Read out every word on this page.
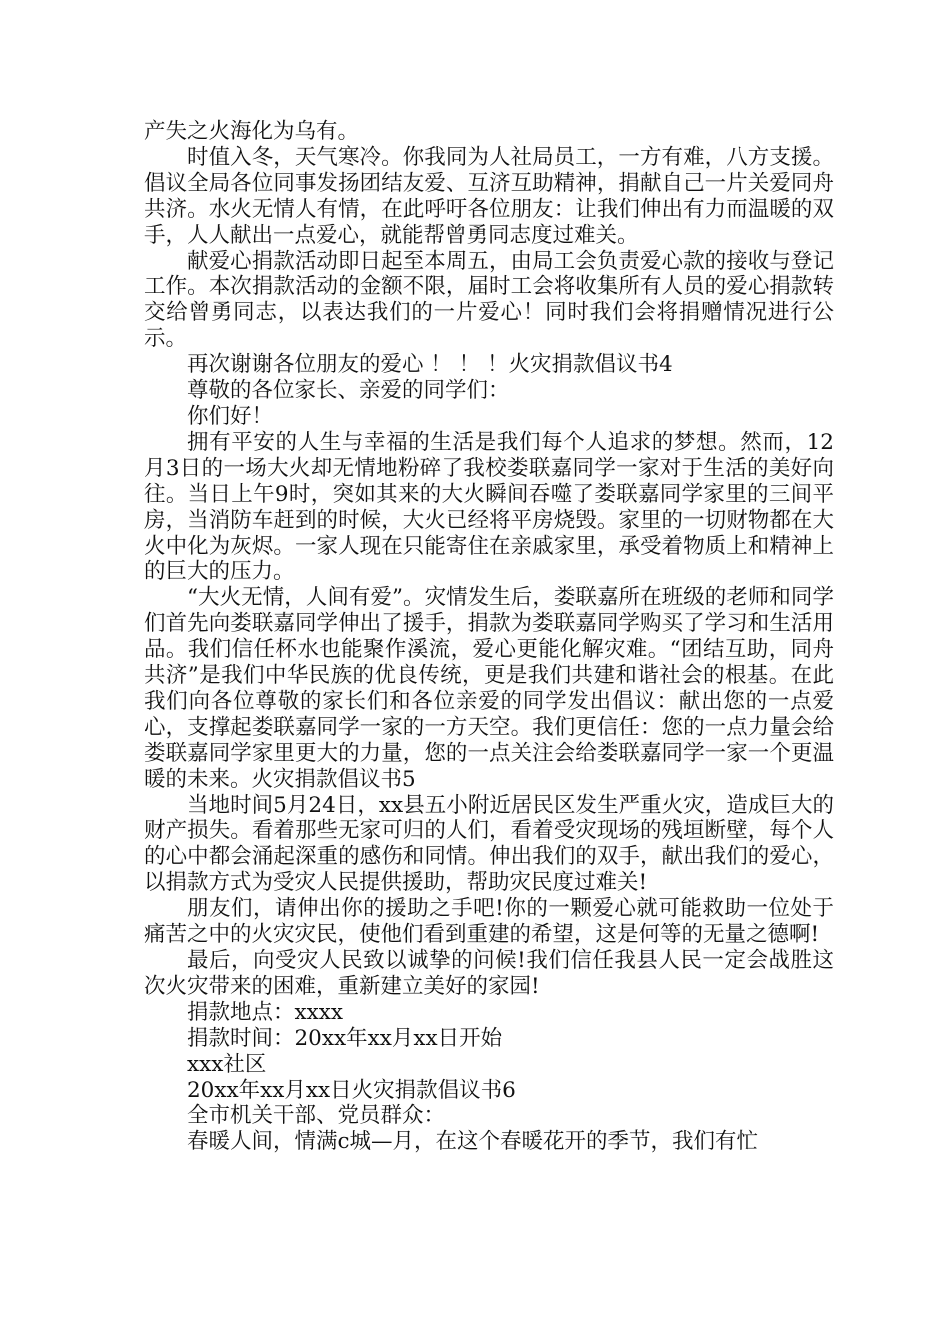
产失之火海化为乌有。

时值入冬，天气寒冷。你我同为人社局员工，一方有难，八方支援。倡议全局各位同事发扬团结友爱、互济互助精神，捐献自己一片关爱同舟共济。水火无情人有情，在此呼吁各位朋友：让我们伸出有力而温暖的双手，人人献出一点爱心，就能帮曾勇同志度过难关。

献爱心捐款活动即日起至本周五，由局工会负责爱心款的接收与登记工作。本次捐款活动的金额不限，届时工会将收集所有人员的爱心捐款转交给曾勇同志，以表达我们的一片爱心！同时我们会将捐赠情况进行公示。

再次谢谢各位朋友的爱心 ！ ！ ！火灾捐款倡议书4

尊敬的各位家长、亲爱的同学们：

你们好！

拥有平安的人生与幸福的生活是我们每个人追求的梦想。然而，12月3日的一场大火却无情地粉碎了我校娄联嘉同学一家对于生活的美好向往。当日上午9时，突如其来的大火瞬间吞噬了娄联嘉同学家里的三间平房，当消防车赶到的时候，大火已经将平房烧毁。家里的一切财物都在大火中化为灰烬。一家人现在只能寄住在亲戚家里，承受着物质上和精神上的巨大的压力。

“大火无情，人间有爱”。灾情发生后，娄联嘉所在班级的老师和同学们首先向娄联嘉同学伸出了援手，捐款为娄联嘉同学购买了学习和生活用品。我们信任杯水也能聚作溪流，爱心更能化解灾难。“团结互助，同舟共济”是我们中华民族的优良传统，更是我们共建和谐社会的根基。在此我们向各位尊敬的家长们和各位亲爱的同学发出倡议：献出您的一点爱心，支撑起娄联嘉同学一家的一方天空。我们更信任：您的一点力量会给娄联嘉同学家里更大的力量，您的一点关注会给娄联嘉同学一家一个更温暖的未来。火灾捐款倡议书5

当地时间5月24日，xx县五小附近居民区发生严重火灾，造成巨大的财产损失。看着那些无家可归的人们，看着受灾现场的残垣断壁，每个人的心中都会涌起深重的感伤和同情。伸出我们的双手，献出我们的爱心，以捐款方式为受灾人民提供援助，帮助灾民度过难关!

朋友们，请伸出你的援助之手吧!你的一颗爱心就可能救助一位处于痛苦之中的火灾灾民，使他们看到重建的希望，这是何等的无量之德啊!

最后，向受灾人民致以诚挚的问候!我们信任我县人民一定会战胜这次火灾带来的困难，重新建立美好的家园!

捐款地点：xxxx

捐款时间：20xx年xx月xx日开始

xxx社区

20xx年xx月xx日火灾捐款倡议书6

全市机关干部、党员群众：

春暖人间，情满c城—月，在这个春暖花开的季节，我们有忙
